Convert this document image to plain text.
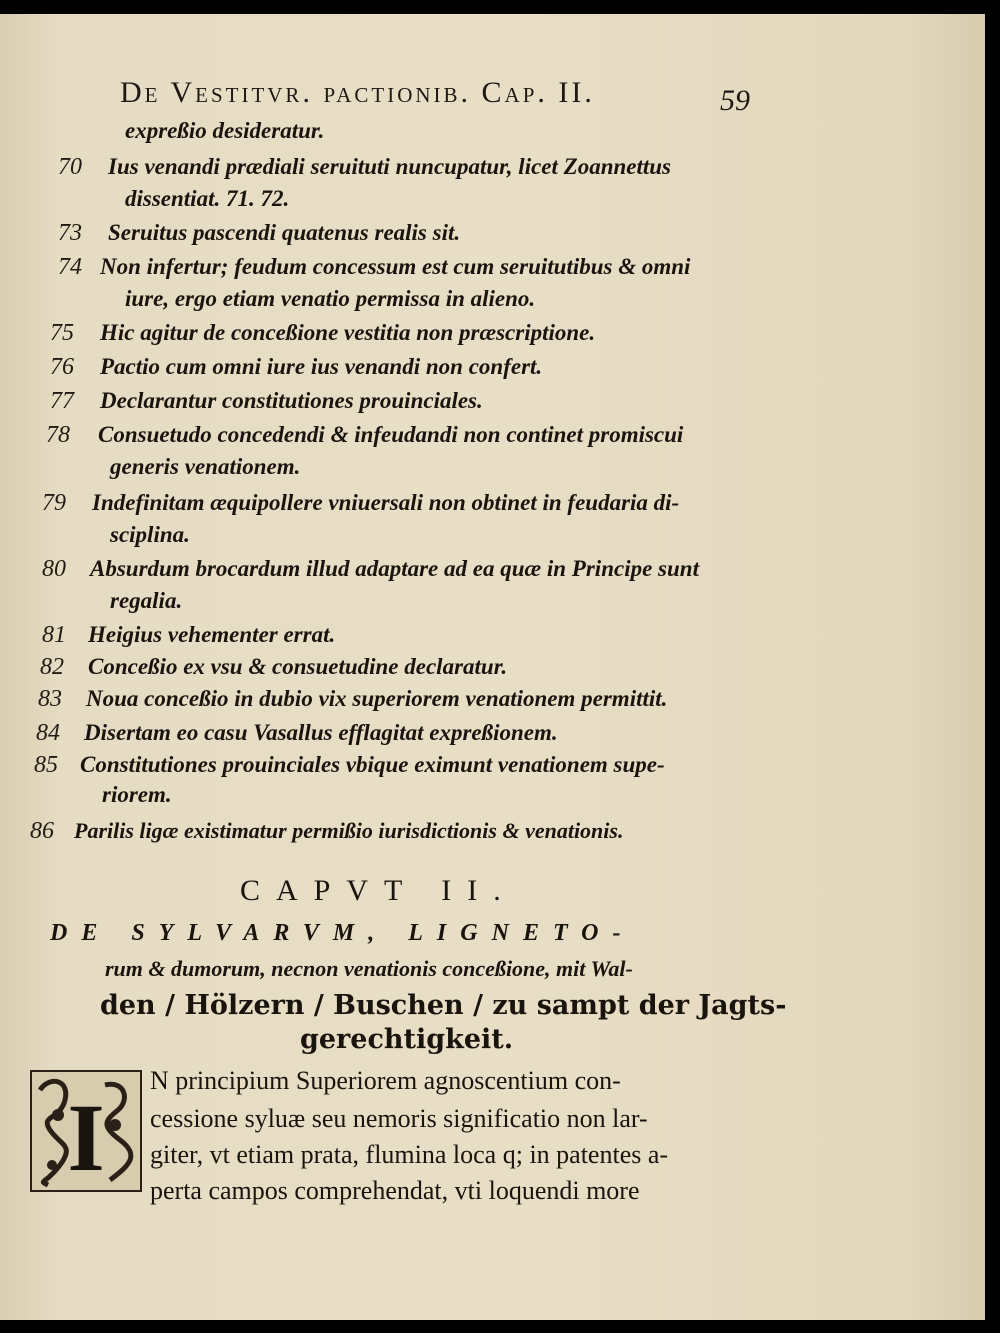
De Vestitvr. pactionib. Cap. II.	59
expreßio desideratur.
70 Ius venandi prædiali seruituti nuncupatur, licet Zoannettus
dissentiat. 71. 72.
73 Seruitus pascendi quatenus realis sit.
74 Non infertur; feudum concessum est cum seruitutibus & omni
iure, ergo etiam venatio permissa in alieno.
75 Hic agitur de conceßione vestitia non præscriptione.
76 Pactio cum omni iure ius venandi non confert.
77 Declarantur constitutiones prouinciales.
78 Consuetudo concedendi & infeudandi non continet promiscui
generis venationem.
79 Indefinitam æquipollere vniuersali non obtinet in feudaria di-
sciplina.
80 Absurdum brocardum illud adaptare ad ea quæ in Principe sunt
regalia.
81 Heigius vehementer errat.
82 Conceßio ex vsu & consuetudine declaratur.
83 Noua conceßio in dubio vix superiorem venationem permittit.
84 Disertam eo casu Vasallus efflagitat expreßionem.
85 Constitutiones prouinciales vbique eximunt venationem supe-
riorem.
86 Parilis ligæ existimatur permißio iurisdictionis & venationis.
CAPVT II.
DE SYLVARVM, LIGNETO-
rum & dumorum, necnon venationis conceßione, mit Wal-
den / Hölzern / Buschen / zu sampt der Jagts-
gerechtigkeit.
I
N principium Superiorem agnoscentium con-
cessione syluæ seu nemoris significatio non lar-
giter, vt etiam prata, flumina loca q; in patentes a-
perta campos comprehendat, vti loquendi more
